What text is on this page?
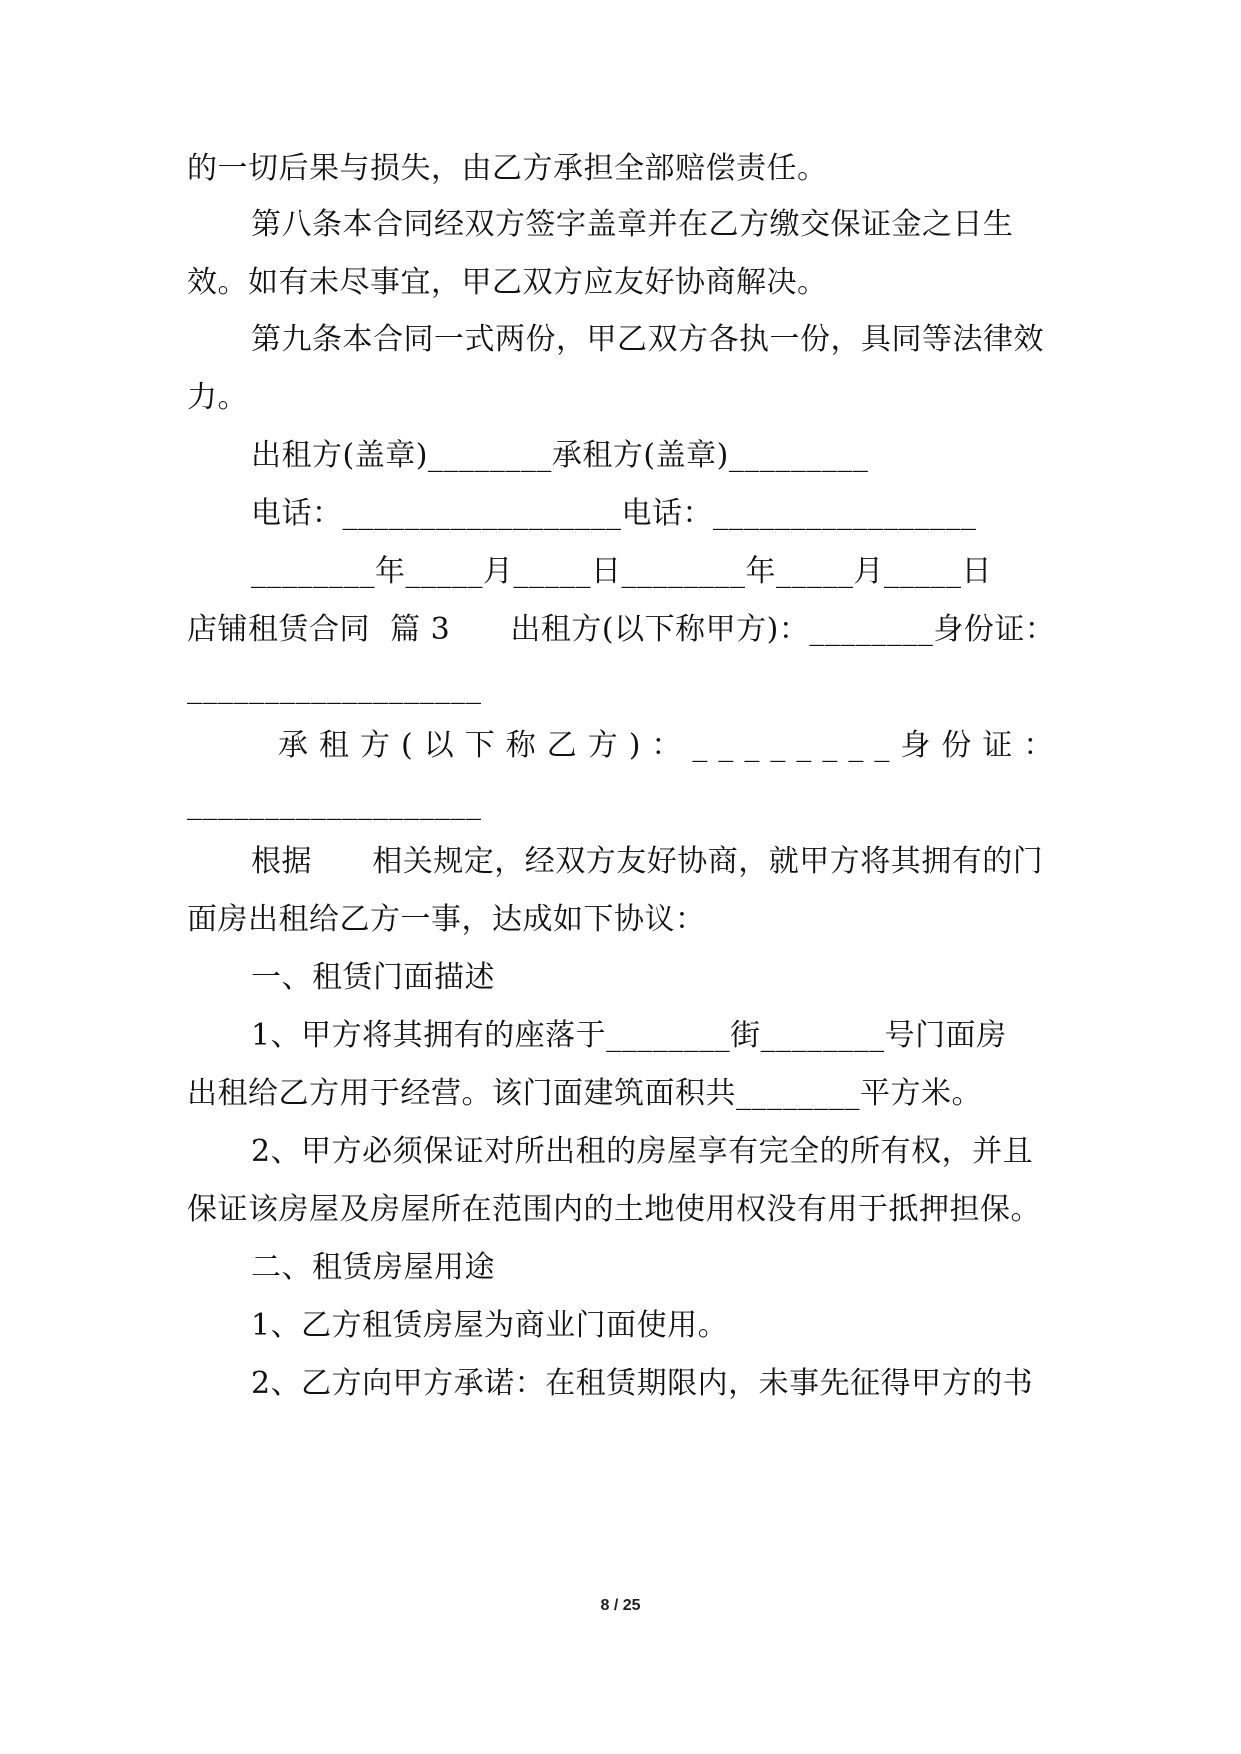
的一切后果与损失，由乙方承担全部赔偿责任。
第八条本合同经双方签字盖章并在乙方缴交保证金之日生
效。如有未尽事宜，甲乙双方应友好协商解决。
第九条本合同一式两份，甲乙双方各执一份，具同等法律效
力。
出租方(盖章)________承租方(盖章)_________
电话：__________________电话：_________________
________年_____月_____日________年_____月_____日
店铺租赁合同  篇 3      出租方(以下称甲方)：________身份证：
___________________
承租方(以下称乙方)：________身份证：
___________________
根据      相关规定，经双方友好协商，就甲方将其拥有的门
面房出租给乙方一事，达成如下协议：
一、租赁门面描述
1、甲方将其拥有的座落于________街________号门面房
出租给乙方用于经营。该门面建筑面积共________平方米。
2、甲方必须保证对所出租的房屋享有完全的所有权，并且
保证该房屋及房屋所在范围内的土地使用权没有用于抵押担保。
二、租赁房屋用途
1、乙方租赁房屋为商业门面使用。
2、乙方向甲方承诺：在租赁期限内，未事先征得甲方的书
8 / 25
